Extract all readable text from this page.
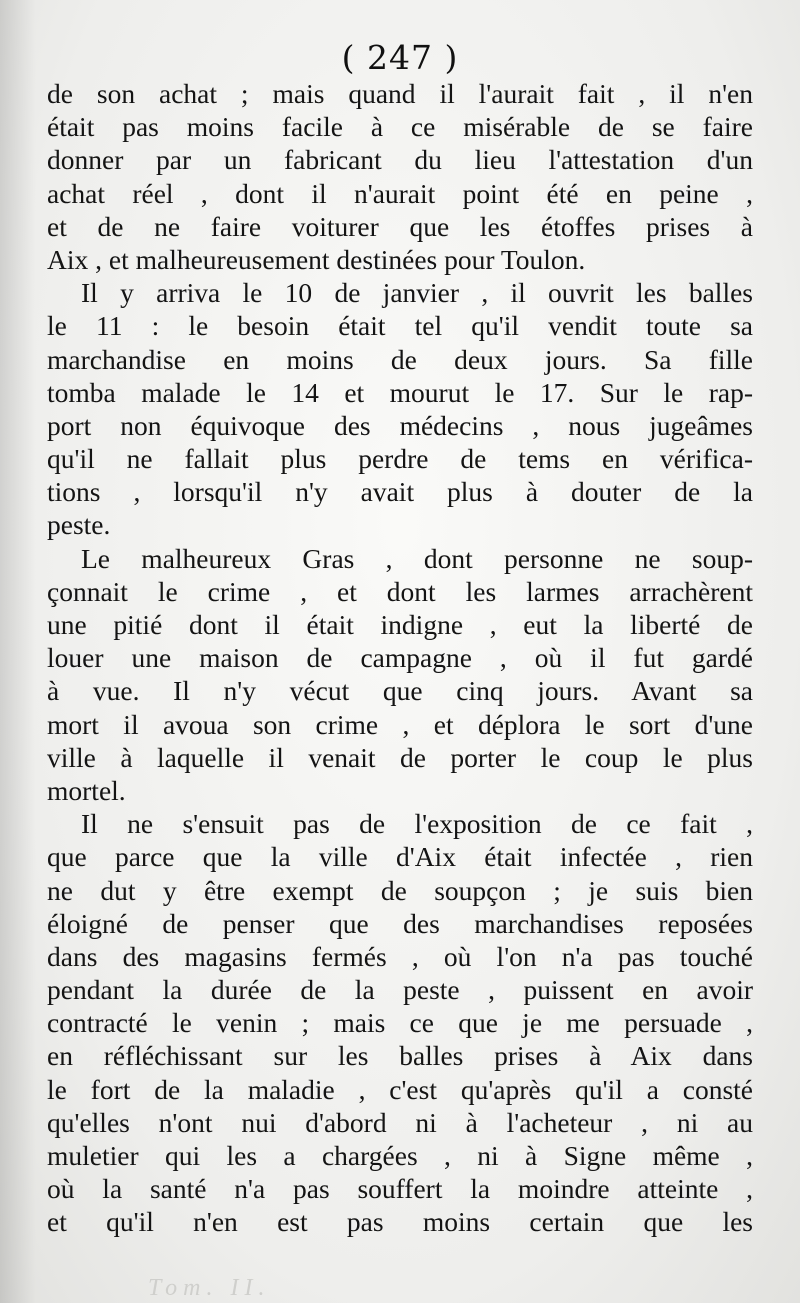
( 247 )
de son achat ; mais quand il l'aurait fait , il n'en
était pas moins facile à ce misérable de se faire
donner par un fabricant du lieu l'attestation d'un
achat réel , dont il n'aurait point été en peine ,
et de ne faire voiturer que les étoffes prises à
Aix , et malheureusement destinées pour Toulon.
Il y arriva le 10 de janvier , il ouvrit les balles
le 11 : le besoin était tel qu'il vendit toute sa
marchandise en moins de deux jours. Sa fille
tomba malade le 14 et mourut le 17. Sur le rap-
port non équivoque des médecins , nous jugeâmes
qu'il ne fallait plus perdre de tems en vérifica-
tions , lorsqu'il n'y avait plus à douter de la
peste.
Le malheureux Gras , dont personne ne soup-
çonnait le crime , et dont les larmes arrachèrent
une pitié dont il était indigne , eut la liberté de
louer une maison de campagne , où il fut gardé
à vue. Il n'y vécut que cinq jours. Avant sa
mort il avoua son crime , et déplora le sort d'une
ville à laquelle il venait de porter le coup le plus
mortel.
Il ne s'ensuit pas de l'exposition de ce fait ,
que parce que la ville d'Aix était infectée , rien
ne dut y être exempt de soupçon ; je suis bien
éloigné de penser que des marchandises reposées
dans des magasins fermés , où l'on n'a pas touché
pendant la durée de la peste , puissent en avoir
contracté le venin ; mais ce que je me persuade ,
en réfléchissant sur les balles prises à Aix dans
le fort de la maladie , c'est qu'après qu'il a consté
qu'elles n'ont nui d'abord ni à l'acheteur , ni au
muletier qui les a chargées , ni à Signe même ,
où la santé n'a pas souffert la moindre atteinte ,
et qu'il n'en est pas moins certain que les
Tom. II.
